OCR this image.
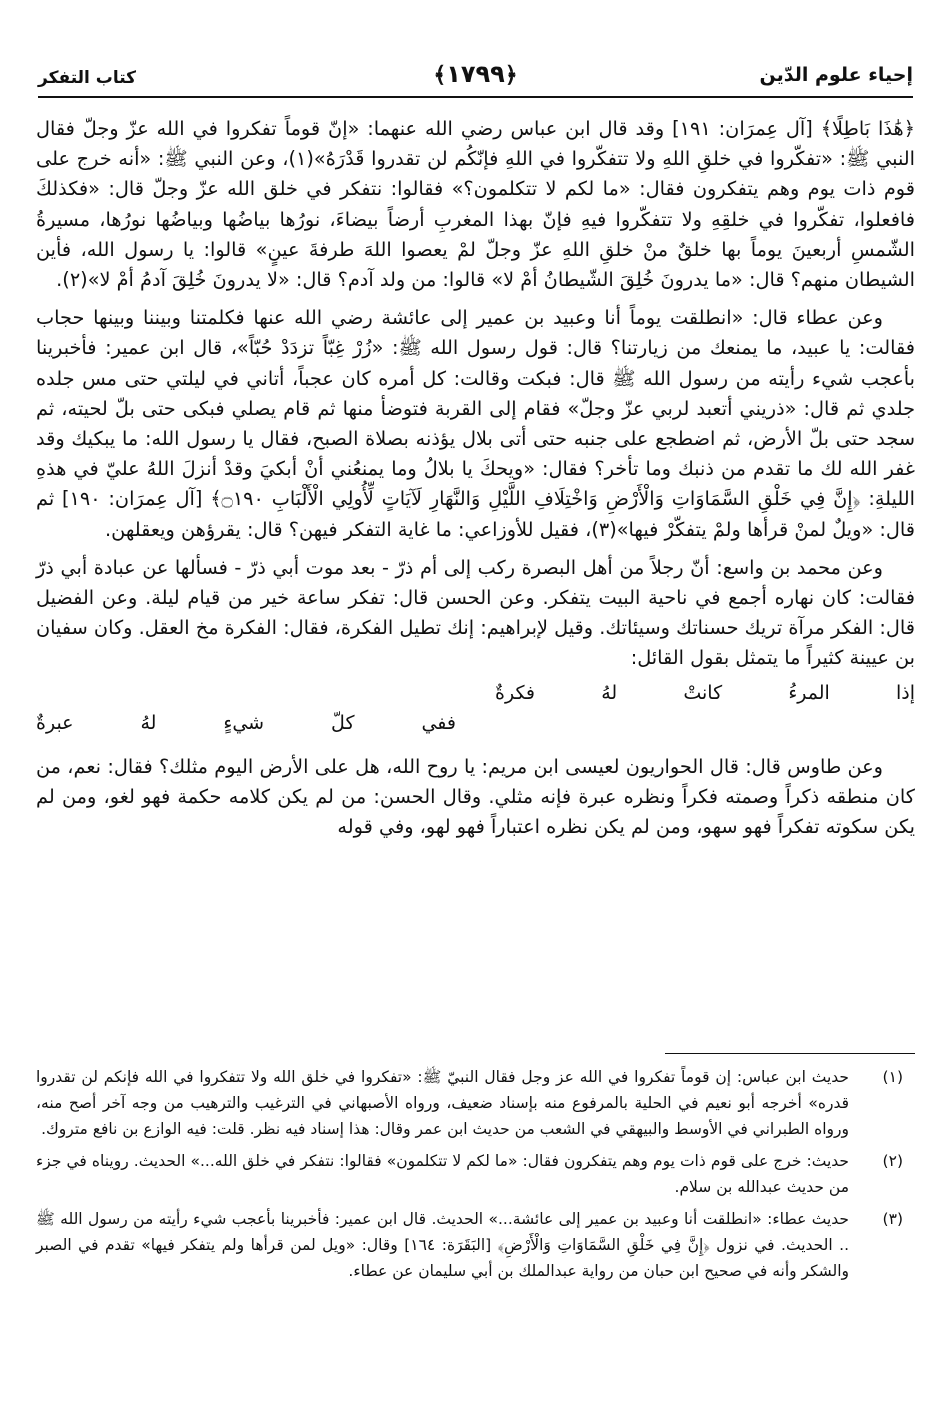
إحياء علوم الدّين
﴾١٧٩٩﴿
كتاب التفكر

﴿هَٰذَا بَاطِلًا﴾ [آل عِمرَان: ١٩١] وقد قال ابن عباس رضي الله عنهما: «إنّ قوماً تفكروا في الله عزّ وجلّ فقال النبي ﷺ: «تفكّروا في خلقِ اللهِ ولا تتفكّروا في اللهِ فإنّكُم لن تقدروا قَدْرَهُ»(١)، وعن النبي ﷺ: «أنه خرج على قوم ذات يوم وهم يتفكرون فقال: «ما لكم لا تتكلمون؟» فقالوا: نتفكر في خلق الله عزّ وجلّ قال: «فكذلكَ فافعلوا، تفكّروا في خلقِهِ ولا تتفكّروا فيهِ فإنّ بهذا المغربِ أرضاً بيضاءَ، نورُها بياضُها وبياضُها نورُها، مسيرةُ الشّمسِ أربعينَ يوماً بها خلقٌ منْ خلقِ اللهِ عزّ وجلّ لمْ يعصوا اللهَ طرفةَ عينٍ» قالوا: يا رسول الله، فأين الشيطان منهم؟ قال: «ما يدرونَ خُلِقَ الشّيطانُ أمْ لا» قالوا: من ولد آدم؟ قال: «لا يدرونَ خُلِقَ آدمُ أمْ لا»(٢).

وعن عطاء قال: «انطلقت يوماً أنا وعبيد بن عمير إلى عائشة رضي الله عنها فكلمتنا وبيننا وبينها حجاب فقالت: يا عبيد، ما يمنعك من زيارتنا؟ قال: قول رسول الله ﷺ: «زُرْ غِبّاً تزدَدْ حُبّاً»، قال ابن عمير: فأخبرينا بأعجب شيء رأيته من رسول الله ﷺ قال: فبكت وقالت: كل أمره كان عجباً، أتاني في ليلتي حتى مس جلده جلدي ثم قال: «ذريني أتعبد لربي عزّ وجلّ» فقام إلى القربة فتوضأ منها ثم قام يصلي فبكى حتى بلّ لحيته، ثم سجد حتى بلّ الأرض، ثم اضطجع على جنبه حتى أتى بلال يؤذنه بصلاة الصبح، فقال يا رسول الله: ما يبكيك وقد غفر الله لك ما تقدم من ذنبك وما تأخر؟ فقال: «ويحكَ يا بلالُ وما يمنعُني أنْ أبكيَ وقدْ أنزلَ اللهُ عليّ في هذهِ الليلةِ: ﴿إِنَّ فِي خَلْقِ السَّمَاوَاتِ وَالْأَرْضِ وَاخْتِلَافِ اللَّيْلِ وَالنَّهَارِ لَآيَاتٍ لِّأُولِي الْأَلْبَابِ ۝١٩٠﴾ [آل عِمرَان: ١٩٠] ثم قال: «ويلٌ لمنْ قرأها ولمْ يتفكّرْ فيها»(٣)، فقيل للأوزاعي: ما غاية التفكر فيهن؟ قال: يقرؤهن ويعقلهن.

وعن محمد بن واسع: أنّ رجلاً من أهل البصرة ركب إلى أم ذرّ - بعد موت أبي ذرّ - فسألها عن عبادة أبي ذرّ فقالت: كان نهاره أجمع في ناحية البيت يتفكر. وعن الحسن قال: تفكر ساعة خير من قيام ليلة. وعن الفضيل قال: الفكر مرآة تريك حسناتك وسيئاتك. وقيل لإبراهيم: إنك تطيل الفكرة، فقال: الفكرة مخ العقل. وكان سفيان بن عيينة كثيراً ما يتمثل بقول القائل:

إذا المرءُ كانتْ لهُ فكرةٌ
ففي كلّ شيءٍ لهُ عبرةٌ

وعن طاوس قال: قال الحواريون لعيسى ابن مريم: يا روح الله، هل على الأرض اليوم مثلك؟ فقال: نعم، من كان منطقه ذكراً وصمته فكراً ونظره عبرة فإنه مثلي. وقال الحسن: من لم يكن كلامه حكمة فهو لغو، ومن لم يكن سكوته تفكراً فهو سهو، ومن لم يكن نظره اعتباراً فهو لهو، وفي قوله

(١)
حديث ابن عباس: إن قوماً تفكروا في الله عز وجل فقال النبيّ ﷺ: «تفكروا في خلق الله ولا تتفكروا في الله فإنكم لن تقدروا قدره» أخرجه أبو نعيم في الحلية بالمرفوع منه بإسناد ضعيف، ورواه الأصبهاني في الترغيب والترهيب من وجه آخر أصح منه، ورواه الطبراني في الأوسط والبيهقي في الشعب من حديث ابن عمر وقال: هذا إسناد فيه نظر. قلت: فيه الوازع بن نافع متروك.
(٢)
حديث: خرج على قوم ذات يوم وهم يتفكرون فقال: «ما لكم لا تتكلمون» فقالوا: نتفكر في خلق الله...» الحديث. رويناه في جزء من حديث عبدالله بن سلام.
(٣)
حديث عطاء: «انطلقت أنا وعبيد بن عمير إلى عائشة...» الحديث. قال ابن عمير: فأخبرينا بأعجب شيء رأيته من رسول الله ﷺ .. الحديث. في نزول ﴿إِنَّ فِي خَلْقِ السَّمَاوَاتِ وَالْأَرْضِ﴾ [البَقَرَة: ١٦٤] وقال: «ويل لمن قرأها ولم يتفكر فيها» تقدم في الصبر والشكر وأنه في صحيح ابن حبان من رواية عبدالملك بن أبي سليمان عن عطاء.
